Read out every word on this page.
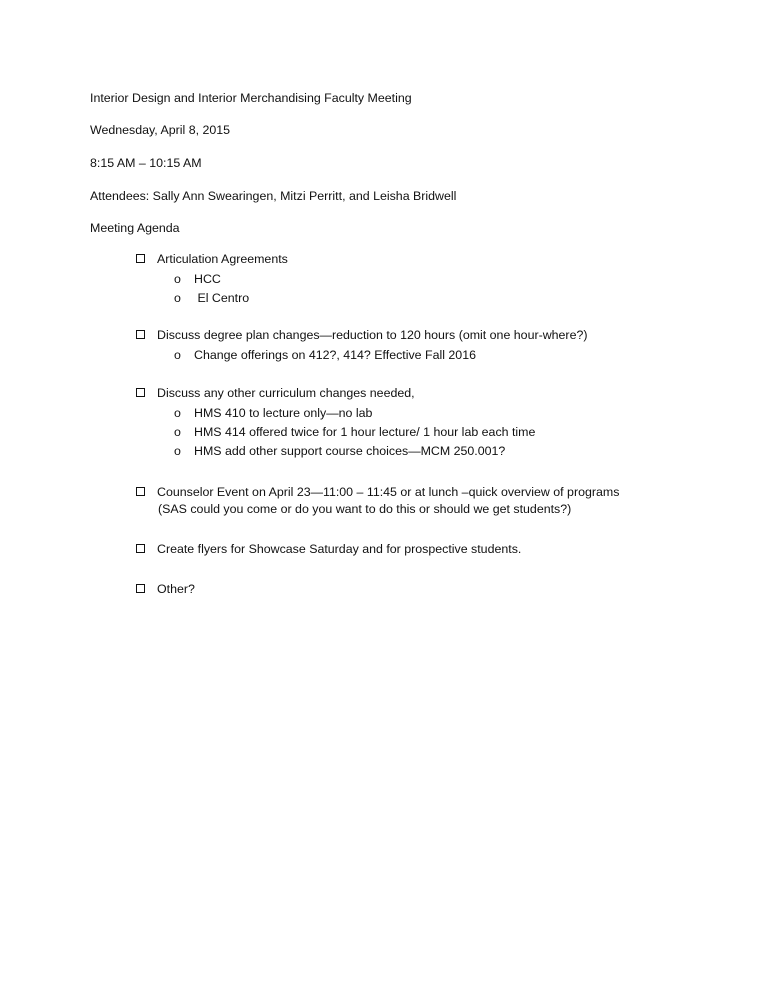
Interior Design and Interior Merchandising Faculty Meeting
Wednesday, April 8, 2015
8:15 AM – 10:15 AM
Attendees: Sally Ann Swearingen, Mitzi Perritt, and Leisha Bridwell
Meeting Agenda
Articulation Agreements
o HCC
o El Centro
Discuss degree plan changes—reduction to 120 hours (omit one hour-where?)
o Change offerings on 412?, 414? Effective Fall 2016
Discuss any other curriculum changes needed,
o HMS 410 to lecture only—no lab
o HMS 414 offered twice for 1 hour lecture/ 1 hour lab each time
o HMS add other support course choices—MCM 250.001?
Counselor Event on April 23—11:00 – 11:45 or at lunch –quick overview of programs
(SAS could you come or do you want to do this or should we get students?)
Create flyers for Showcase Saturday and for prospective students.
Other?
